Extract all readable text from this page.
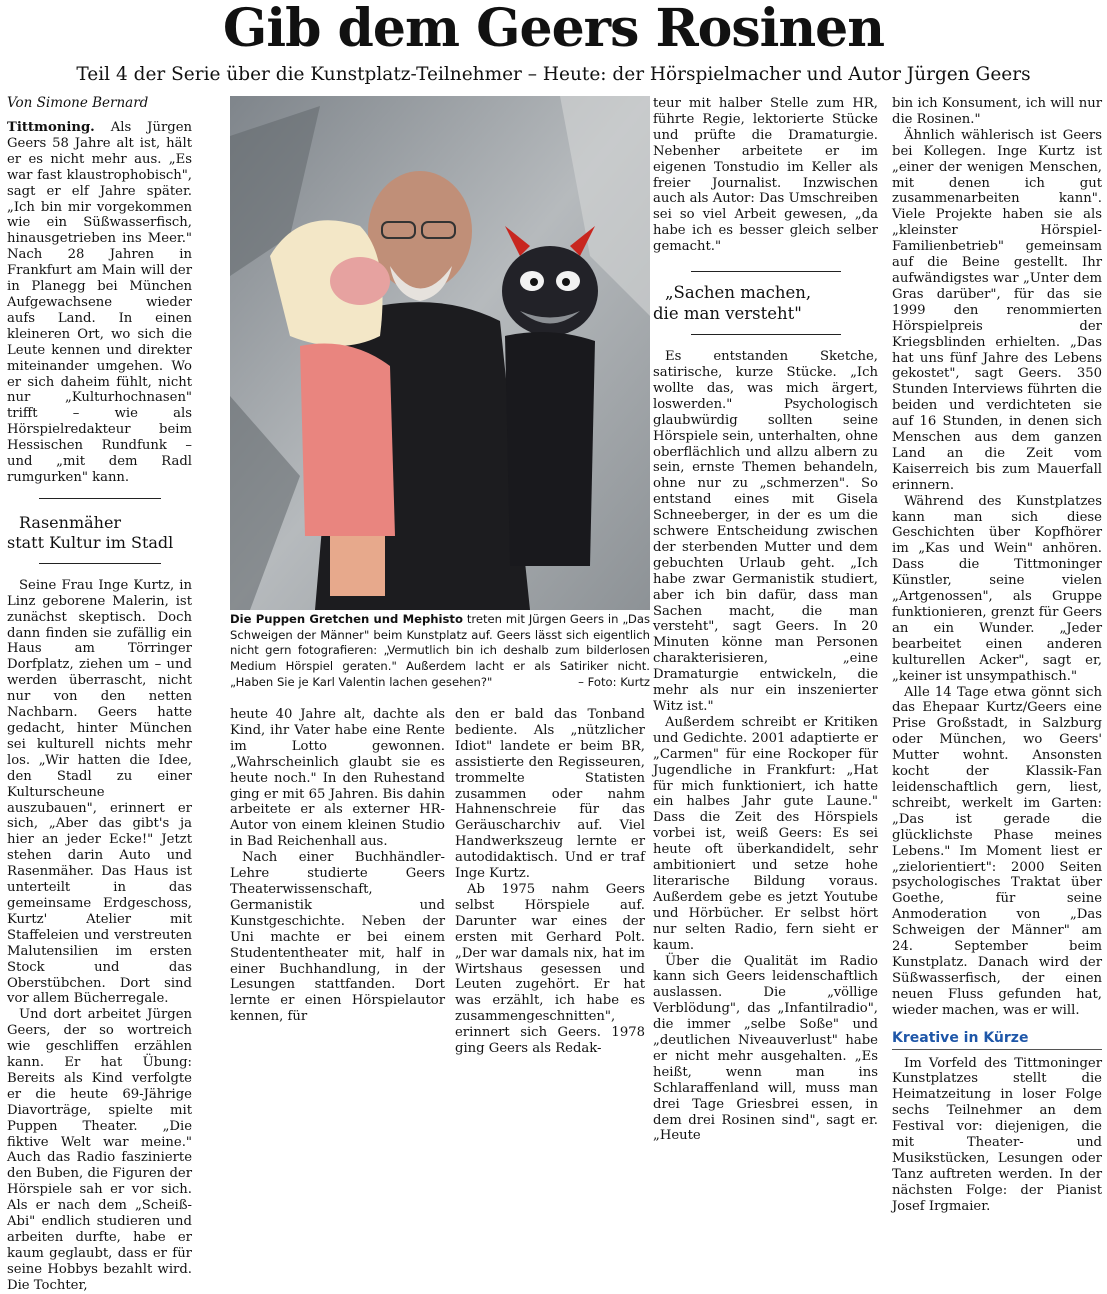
Gib dem Geers Rosinen
Teil 4 der Serie über die Kunstplatz-Teilnehmer – Heute: der Hörspielmacher und Autor Jürgen Geers
Von Simone Bernard

Tittmoning. Als Jürgen Geers 58 Jahre alt ist, hält er es nicht mehr aus. „Es war fast klaustrophobisch", sagt er elf Jahre später. „Ich bin mir vorgekommen wie ein Süßwasserfisch, hinausgetrieben ins Meer." Nach 28 Jahren in Frankfurt am Main will der in Planegg bei München Aufgewachsene wieder aufs Land. In einen kleineren Ort, wo sich die Leute kennen und direkter miteinander umgehen. Wo er sich daheim fühlt, nicht nur „Kulturhochnasen" trifft – wie als Hörspielredakteur beim Hessischen Rundfunk – und „mit dem Radl rumgurken" kann.

Rasenmäher
statt Kultur im Stadl

Seine Frau Inge Kurtz, in Linz geborene Malerin, ist zunächst skeptisch. Doch dann finden sie zufällig ein Haus am Törringer Dorfplatz, ziehen um – und werden überrascht, nicht nur von den netten Nachbarn. Geers hatte gedacht, hinter München sei kulturell nichts mehr los. „Wir hatten die Idee, den Stadl zu einer Kulturscheune auszubauen", erinnert er sich, „Aber das gibt's ja hier an jeder Ecke!" Jetzt stehen darin Auto und Rasenmäher. Das Haus ist unterteilt in das gemeinsame Erdgeschoss, Kurtz' Atelier mit Staffeleien und verstreuten Malutensilien im ersten Stock und das Oberstübchen. Dort sind vor allem Bücherregale.

Und dort arbeitet Jürgen Geers, der so wortreich wie geschliffen erzählen kann. Er hat Übung: Bereits als Kind verfolgte er die heute 69-Jährige Diavorträge, spielte mit Puppen Theater. „Die fiktive Welt war meine." Auch das Radio faszinierte den Buben, die Figuren der Hörspiele sah er vor sich. Als er nach dem „Scheiß-Abi" endlich studieren und arbeiten durfte, habe er kaum geglaubt, dass er für seine Hobbys bezahlt wird. Die Tochter,

Die Puppen Gretchen und Mephisto treten mit Jürgen Geers in „Das Schweigen der Männer" beim Kunstplatz auf. Geers lässt sich eigentlich nicht gern fotografieren: „Vermutlich bin ich deshalb zum bilderlosen Medium Hörspiel geraten." Außerdem lacht er als Satiriker nicht. „Haben Sie je Karl Valentin lachen gesehen?"	– Foto: Kurtz

heute 40 Jahre alt, dachte als Kind, ihr Vater habe eine Rente im Lotto gewonnen. „Wahrscheinlich glaubt sie es heute noch." In den Ruhestand ging er mit 65 Jahren. Bis dahin arbeitete er als externer HR-Autor von einem kleinen Studio in Bad Reichenhall aus.

Nach einer Buchhändler-Lehre studierte Geers Theaterwissenschaft, Germanistik und Kunstgeschichte. Neben der Uni machte er bei einem Studententheater mit, half in einer Buchhandlung, in der Lesungen stattfanden. Dort lernte er einen Hörspielautor kennen, für

den er bald das Tonband bediente. Als „nützlicher Idiot" landete er beim BR, assistierte den Regisseuren, trommelte Statisten zusammen oder nahm Hahnenschreie für das Geräuscharchiv auf. Viel Handwerkszeug lernte er autodidaktisch. Und er traf Inge Kurtz.

Ab 1975 nahm Geers selbst Hörspiele auf. Darunter war eines der ersten mit Gerhard Polt. „Der war damals nix, hat im Wirtshaus gesessen und Leuten zugehört. Er hat was erzählt, ich habe es zusammengeschnitten", erinnert sich Geers. 1978 ging Geers als Redak-

teur mit halber Stelle zum HR, führte Regie, lektorierte Stücke und prüfte die Dramaturgie. Nebenher arbeitete er im eigenen Tonstudio im Keller als freier Journalist. Inzwischen auch als Autor: Das Umschreiben sei so viel Arbeit gewesen, „da habe ich es besser gleich selber gemacht."

„Sachen machen,
die man versteht"

Es entstanden Sketche, satirische, kurze Stücke. „Ich wollte das, was mich ärgert, loswerden." Psychologisch glaubwürdig sollten seine Hörspiele sein, unterhalten, ohne oberflächlich und allzu albern zu sein, ernste Themen behandeln, ohne nur zu „schmerzen". So entstand eines mit Gisela Schneeberger, in der es um die schwere Entscheidung zwischen der sterbenden Mutter und dem gebuchten Urlaub geht. „Ich habe zwar Germanistik studiert, aber ich bin dafür, dass man Sachen macht, die man versteht", sagt Geers. In 20 Minuten könne man Personen charakterisieren, „eine Dramaturgie entwickeln, die mehr als nur ein inszenierter Witz ist."

Außerdem schreibt er Kritiken und Gedichte. 2001 adaptierte er „Carmen" für eine Rockoper für Jugendliche in Frankfurt: „Hat für mich funktioniert, ich hatte ein halbes Jahr gute Laune." Dass die Zeit des Hörspiels vorbei ist, weiß Geers: Es sei heute oft überkandidelt, sehr ambitioniert und setze hohe literarische Bildung voraus. Außerdem gebe es jetzt Youtube und Hörbücher. Er selbst hört nur selten Radio, fern sieht er kaum.

Über die Qualität im Radio kann sich Geers leidenschaftlich auslassen. Die „völlige Verblödung", das „Infantilradio", die immer „selbe Soße" und „deutlichen Niveauverlust" habe er nicht mehr ausgehalten. „Es heißt, wenn man ins Schlaraffenland will, muss man drei Tage Griesbrei essen, in dem drei Rosinen sind", sagt er. „Heute

bin ich Konsument, ich will nur die Rosinen."

Ähnlich wählerisch ist Geers bei Kollegen. Inge Kurtz ist „einer der wenigen Menschen, mit denen ich gut zusammenarbeiten kann". Viele Projekte haben sie als „kleinster Hörspiel-Familienbetrieb" gemeinsam auf die Beine gestellt. Ihr aufwändigstes war „Unter dem Gras darüber", für das sie 1999 den renommierten Hörspielpreis der Kriegsblinden erhielten. „Das hat uns fünf Jahre des Lebens gekostet", sagt Geers. 350 Stunden Interviews führten die beiden und verdichteten sie auf 16 Stunden, in denen sich Menschen aus dem ganzen Land an die Zeit vom Kaiserreich bis zum Mauerfall erinnern.

Während des Kunstplatzes kann man sich diese Geschichten über Kopfhörer im „Kas und Wein" anhören. Dass die Tittmoninger Künstler, seine vielen „Artgenossen", als Gruppe funktionieren, grenzt für Geers an ein Wunder. „Jeder bearbeitet einen anderen kulturellen Acker", sagt er, „keiner ist unsympathisch."

Alle 14 Tage etwa gönnt sich das Ehepaar Kurtz/Geers eine Prise Großstadt, in Salzburg oder München, wo Geers' Mutter wohnt. Ansonsten kocht der Klassik-Fan leidenschaftlich gern, liest, schreibt, werkelt im Garten: „Das ist gerade die glücklichste Phase meines Lebens." Im Moment liest er „zielorientiert": 2000 Seiten psychologisches Traktat über Goethe, für seine Anmoderation von „Das Schweigen der Männer" am 24. September beim Kunstplatz. Danach wird der Süßwasserfisch, der einen neuen Fluss gefunden hat, wieder machen, was er will.

Kreative in Kürze

Im Vorfeld des Tittmoninger Kunstplatzes stellt die Heimatzeitung in loser Folge sechs Teilnehmer an dem Festival vor: diejenigen, die mit Theater- und Musikstücken, Lesungen oder Tanz auftreten werden. In der nächsten Folge: der Pianist Josef Irgmaier.
